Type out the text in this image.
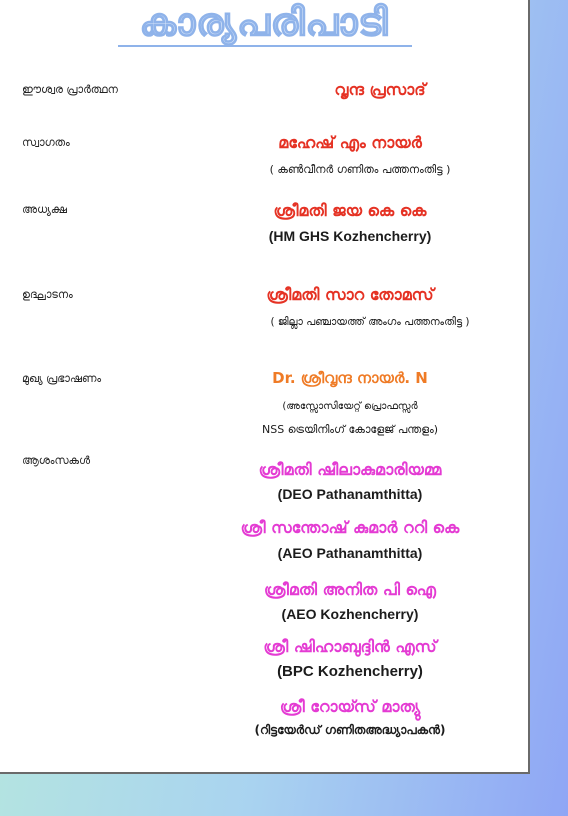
കാര്യപരിപാടി
ഈശ്വര പ്രാർത്ഥന	വൃന്ദ പ്രസാദ്
സ്വാഗതം	മഹേഷ് എം നായർ
( കൺവീനർ ഗണിതം പത്തനംതിട്ട )
അധ്യക്ഷ	ശ്രീമതി ജയ കെ കെ
(HM GHS Kozhencherry)
ഉദ്ഘാടനം	ശ്രീമതി സാറ തോമസ്
( ജില്ലാ പഞ്ചായത്ത് അംഗം പത്തനംതിട്ട )
മുഖ്യ പ്രഭാഷണം	Dr. ശ്രീവൃന്ദ നായർ. N
(അസ്സോസിയേറ്റ് പ്രൊഫസ്സർ
NSS ട്രെയിനിംഗ് കോളേജ് പന്തളം)
ആശംസകൾ	ശ്രീമതി ഷീലാകുമാരിയമ്മ
(DEO Pathanamthitta)
ശ്രീ സന്തോഷ് കുമാർ ററി കെ
(AEO Pathanamthitta)
ശ്രീമതി അനിത പി ഐ
(AEO Kozhencherry)
ശ്രീ ഷിഹാബുദ്ദിൻ എസ്
(BPC Kozhencherry)
ശ്രീ റോയ്സ് മാത്യു
(റിട്ടയേർഡ് ഗണിതഅദ്ധ്യാപകൻ)
